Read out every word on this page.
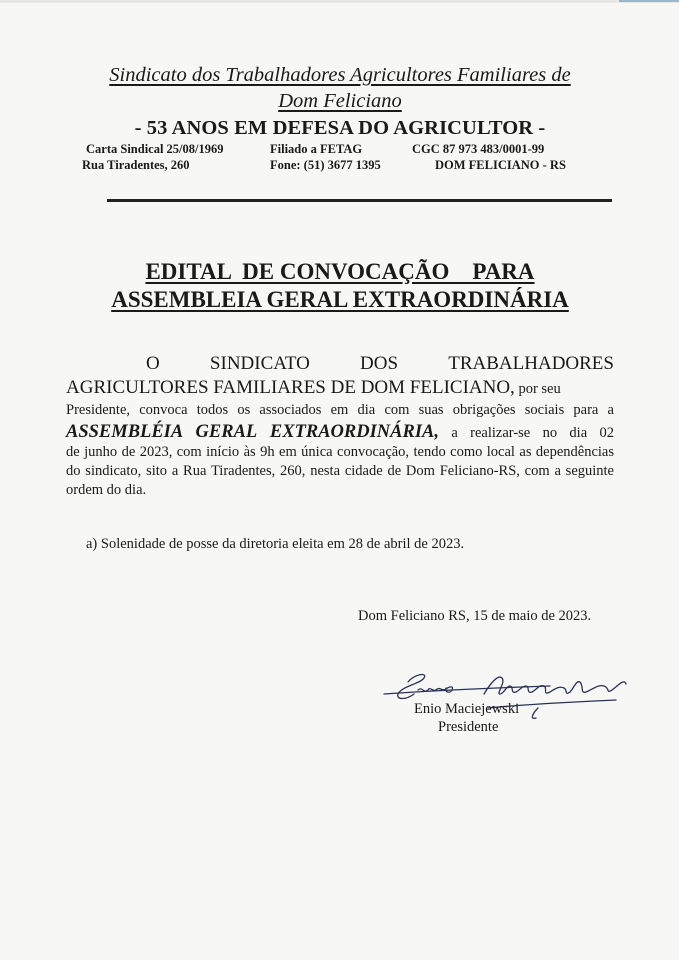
Sindicato dos Trabalhadores Agricultores Familiares de
Dom Feliciano
- 53 ANOS EM DEFESA DO AGRICULTOR -
Carta Sindical 25/08/1969	Filiado a FETAG	CGC 87 973 483/0001-99
Rua Tiradentes, 260	Fone: (51) 3677 1395	DOM FELICIANO - RS
EDITAL  DE CONVOCAÇÃO    PARA
ASSEMBLEIA GERAL EXTRAORDINÁRIA
O	SINDICATO	DOS	TRABALHADORES
AGRICULTORES FAMILIARES DE DOM FELICIANO, por seu
Presidente, convoca todos os associados em dia com suas obrigações sociais para a
ASSEMBLÉIA GERAL EXTRAORDINÁRIA, a realizar-se no dia 02
de junho de 2023, com início às 9h em única convocação, tendo como local as dependências do sindicato, sito a Rua Tiradentes, 260, nesta cidade de Dom Feliciano-RS, com a seguinte ordem do dia.
a) Solenidade de posse da diretoria eleita em 28 de abril de 2023.
Dom Feliciano RS, 15 de maio de 2023.
Enio Maciejewski
Presidente
